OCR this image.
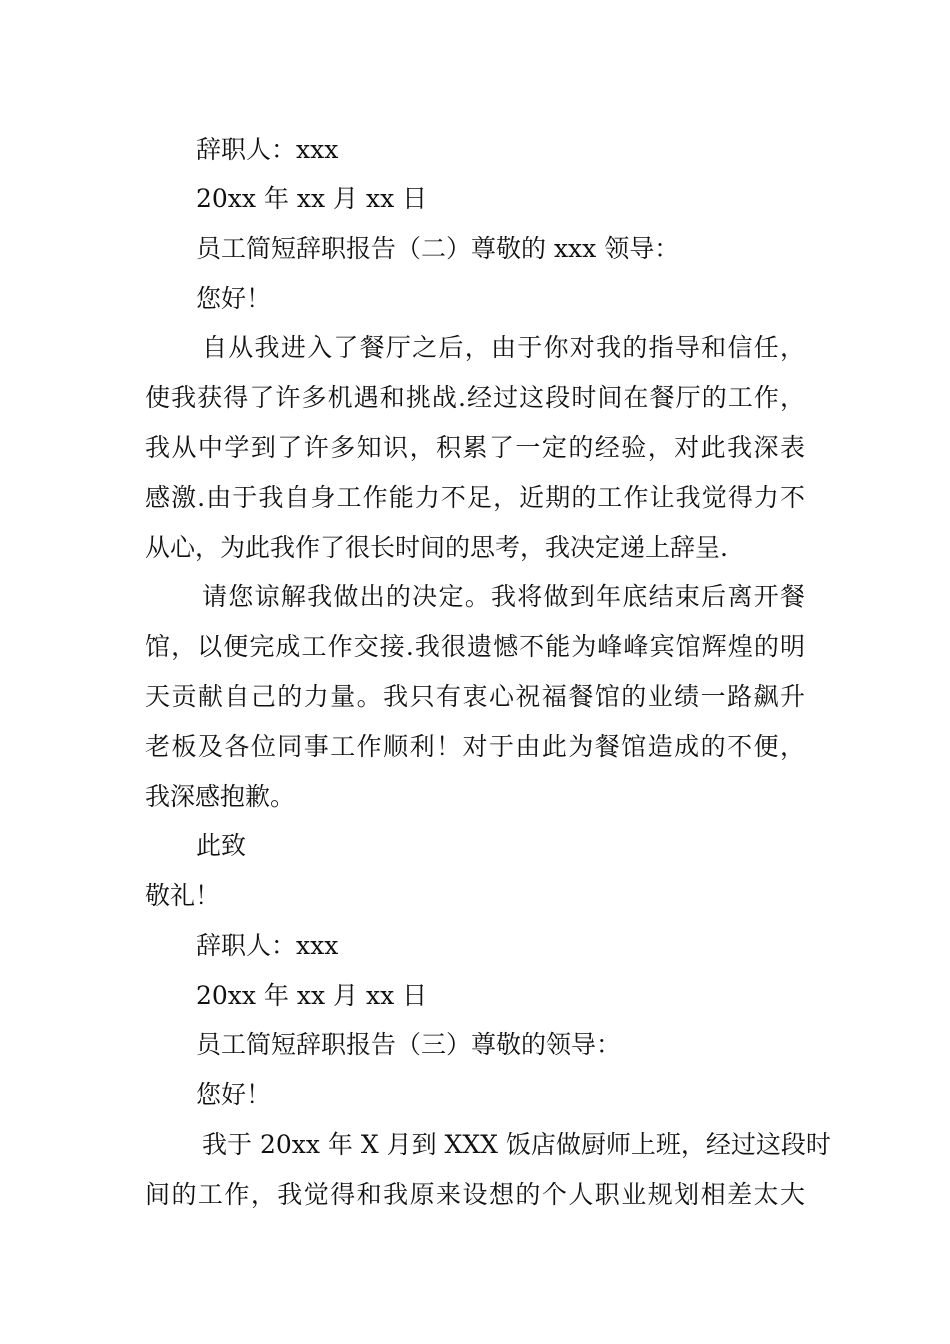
辞职人：xxx
20xx 年 xx 月 xx 日
员工简短辞职报告（二）尊敬的 xxx 领导：
您好！
自从我进入了餐厅之后，由于你对我的指导和信任，
使我获得了许多机遇和挑战.经过这段时间在餐厅的工作，
我从中学到了许多知识，积累了一定的经验，对此我深表
感激.由于我自身工作能力不足，近期的工作让我觉得力不
从心，为此我作了很长时间的思考，我决定递上辞呈.
请您谅解我做出的决定。我将做到年底结束后离开餐
馆，以便完成工作交接.我很遗憾不能为峰峰宾馆辉煌的明
天贡献自己的力量。我只有衷心祝福餐馆的业绩一路飙升
老板及各位同事工作顺利！对于由此为餐馆造成的不便，
我深感抱歉。
此致
敬礼！
辞职人：xxx
20xx 年 xx 月 xx 日
员工简短辞职报告（三）尊敬的领导：
您好！
我于 20xx 年 X 月到 XXX 饭店做厨师上班，经过这段时
间的工作，我觉得和我原来设想的个人职业规划相差太大
